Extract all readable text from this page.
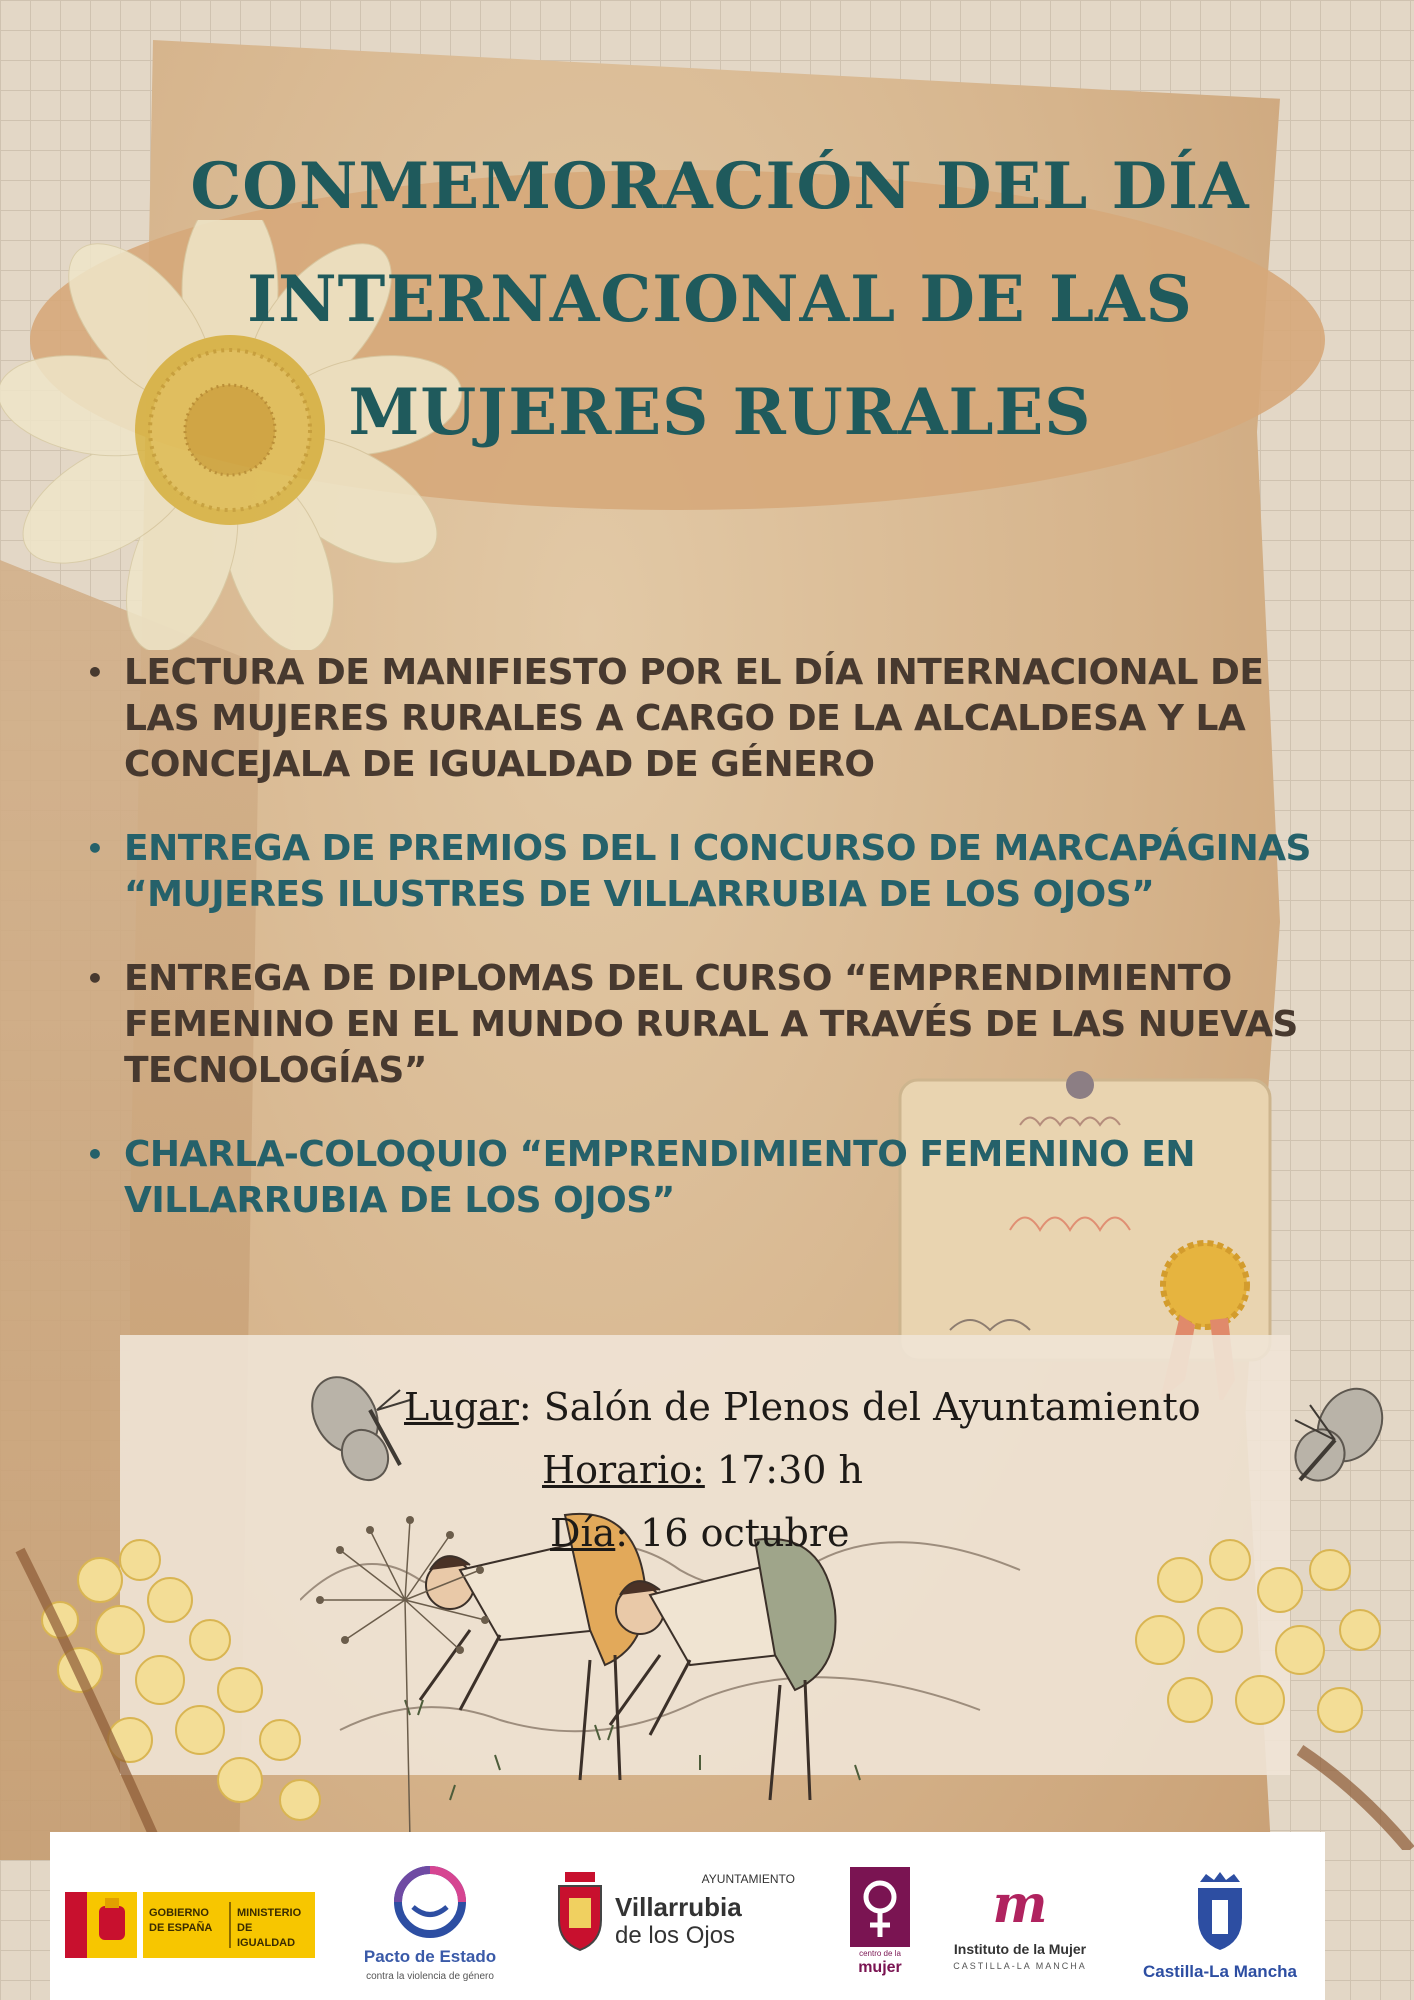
CONMEMORACIÓN DEL DÍA
INTERNACIONAL DE LAS
MUJERES RURALES
• LECTURA DE MANIFIESTO POR EL DÍA INTERNACIONAL DE LAS MUJERES RURALES A CARGO DE LA ALCALDESA Y LA CONCEJALA DE IGUALDAD DE GÉNERO
• ENTREGA DE PREMIOS DEL I CONCURSO DE MARCAPÁGINAS “MUJERES ILUSTRES DE VILLARRUBIA DE LOS OJOS”
• ENTREGA DE DIPLOMAS DEL CURSO “EMPRENDIMIENTO FEMENINO EN EL MUNDO RURAL A TRAVÉS DE LAS NUEVAS TECNOLOGÍAS”
• CHARLA-COLOQUIO “EMPRENDIMIENTO FEMENINO EN VILLARRUBIA DE LOS OJOS”
Lugar: Salón de Plenos del Ayuntamiento
Horario: 17:30 h
Día: 16 octubre
GOBIERNO DE ESPAÑA
MINISTERIO DE IGUALDAD
Pacto de Estado
contra la violencia de género
AYUNTAMIENTO
Villarrubia
de los Ojos
centro de la
mujer
m
Instituto de la Mujer
CASTILLA-LA MANCHA	Castilla-La Mancha
